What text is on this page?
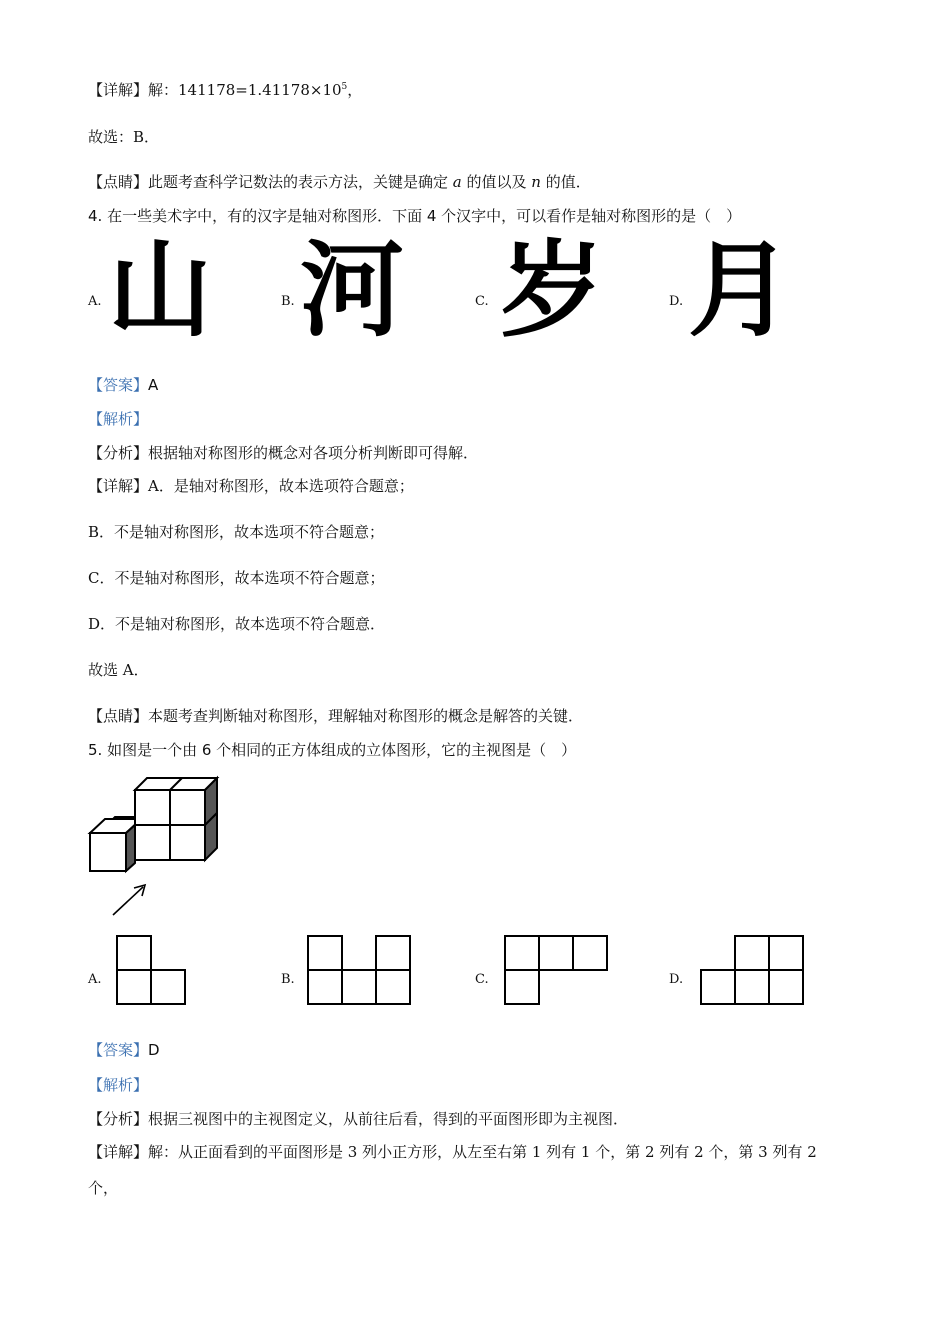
【详解】解：$141178=1.41178\times 10^5$，
故选：B．
【点睛】此题考查科学记数法的表示方法，关键是确定 a 的值以及 n 的值．
4. 在一些美术字中，有的汉字是轴对称图形．下面 4 个汉字中，可以看作是轴对称图形的是（　）
A. 山	B. 河	C. 岁	D. 月
【答案】A
【解析】
【分析】根据轴对称图形的概念对各项分析判断即可得解．
【详解】A．是轴对称图形，故本选项符合题意；
B．不是轴对称图形，故本选项不符合题意；
C．不是轴对称图形，故本选项不符合题意；
D．不是轴对称图形，故本选项不符合题意．
故选 A．
【点睛】本题考查判断轴对称图形，理解轴对称图形的概念是解答的关键．
5. 如图是一个由 6 个相同的正方体组成的立体图形，它的主视图是（　）
A.	B.	C.	D.
【答案】D
【解析】
【分析】根据三视图中的主视图定义，从前往后看，得到的平面图形即为主视图．
【详解】解：从正面看到的平面图形是 3 列小正方形，从左至右第 1 列有 1 个，第 2 列有 2 个，第 3 列有 2
个，
